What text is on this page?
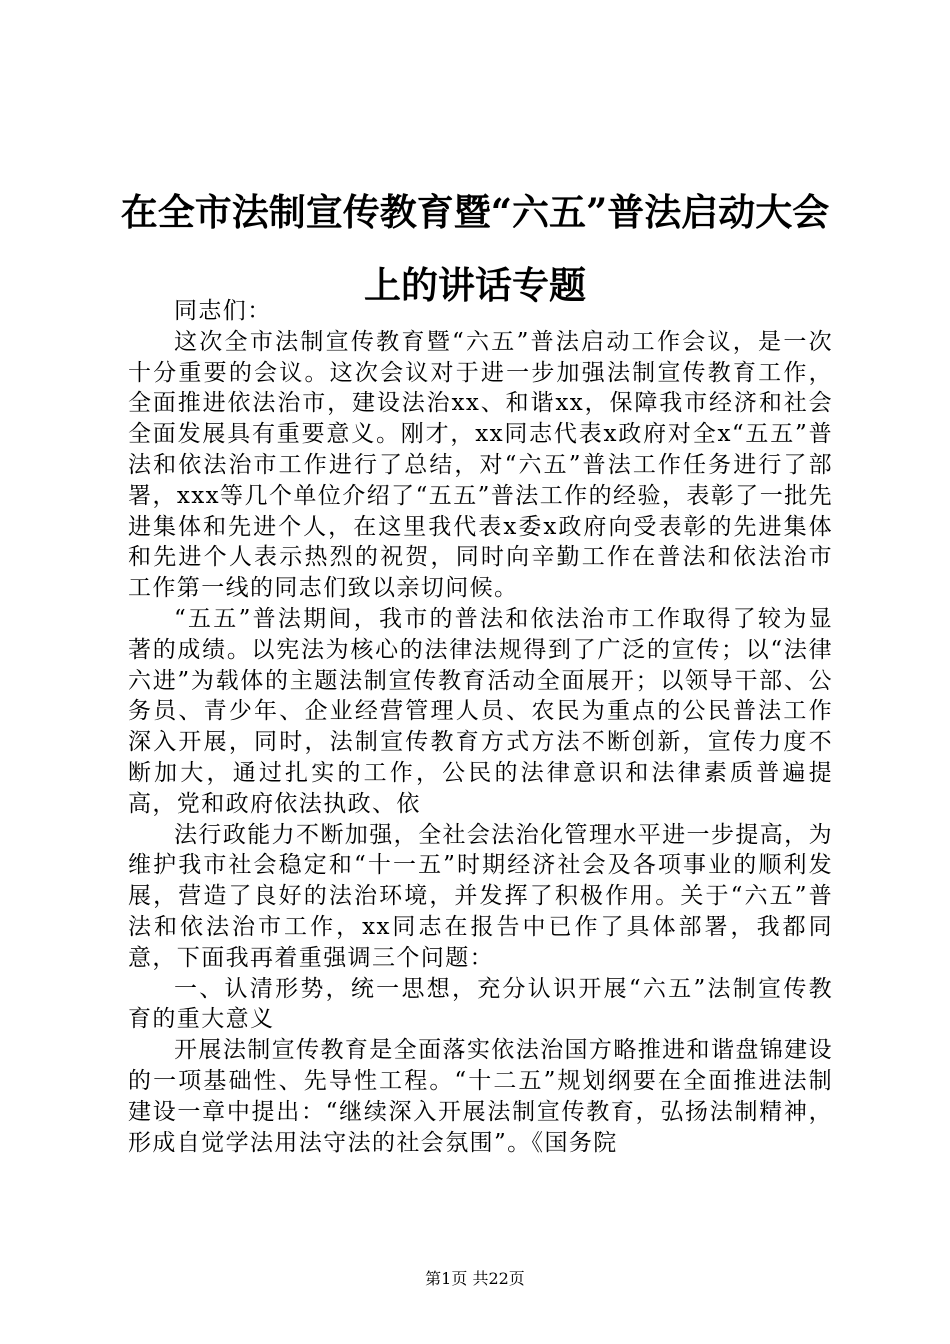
在全市法制宣传教育暨“六五”普法启动大会上的讲话专题

同志们：

这次全市法制宣传教育暨“六五”普法启动工作会议，是一次十分重要的会议。这次会议对于进一步加强法制宣传教育工作，全面推进依法治市，建设法治xx、和谐xx，保障我市经济和社会全面发展具有重要意义。刚才，xx同志代表x政府对全x“五五”普法和依法治市工作进行了总结，对“六五”普法工作任务进行了部署，xxx等几个单位介绍了“五五”普法工作的经验，表彰了一批先进集体和先进个人，在这里我代表x委x政府向受表彰的先进集体和先进个人表示热烈的祝贺，同时向辛勤工作在普法和依法治市工作第一线的同志们致以亲切问候。

“五五”普法期间，我市的普法和依法治市工作取得了较为显著的成绩。以宪法为核心的法律法规得到了广泛的宣传；以“法律六进”为载体的主题法制宣传教育活动全面展开；以领导干部、公务员、青少年、企业经营管理人员、农民为重点的公民普法工作深入开展，同时，法制宣传教育方式方法不断创新，宣传力度不断加大，通过扎实的工作，公民的法律意识和法律素质普遍提高，党和政府依法执政、依

法行政能力不断加强，全社会法治化管理水平进一步提高，为维护我市社会稳定和“十一五”时期经济社会及各项事业的顺利发展，营造了良好的法治环境，并发挥了积极作用。关于“六五”普法和依法治市工作，xx同志在报告中已作了具体部署，我都同意，下面我再着重强调三个问题：

一、认清形势，统一思想，充分认识开展“六五”法制宣传教育的重大意义

开展法制宣传教育是全面落实依法治国方略推进和谐盘锦建设的一项基础性、先导性工程。“十二五”规划纲要在全面推进法制建设一章中提出：“继续深入开展法制宣传教育，弘扬法制精神，形成自觉学法用法守法的社会氛围”。《国务院

第1页 共22页
